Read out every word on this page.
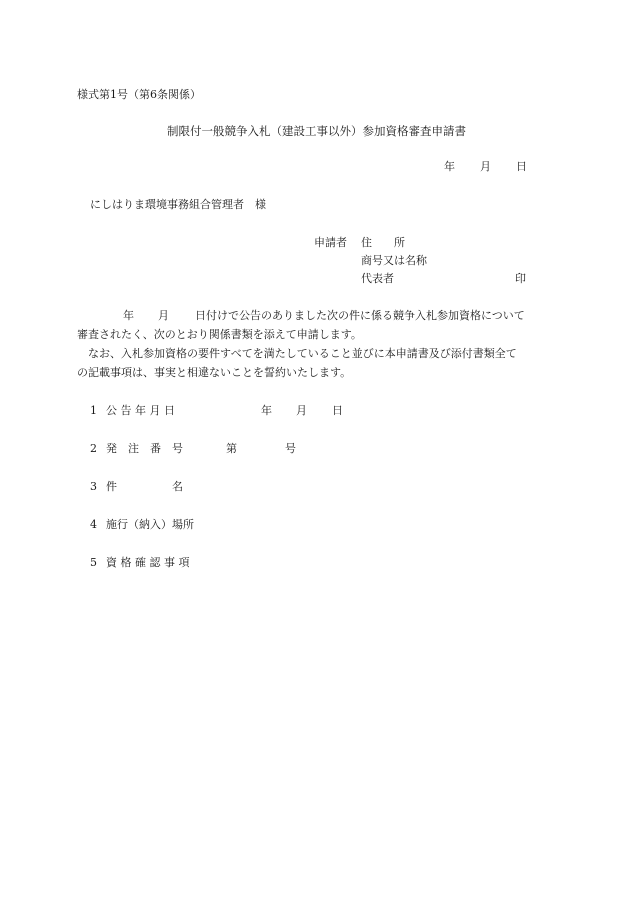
様式第1号（第6条関係）
制限付一般競争入札（建設工事以外）参加資格審査申請書
年 月 日
にしはりま環境事務組合管理者　様
申請者 住　　所
商号又は名称
代表者	印
年 月 日付けで公告のありました次の件に係る競争入札参加資格について
審査されたく、次のとおり関係書類を添えて申請します。
なお、入札参加資格の要件すべてを満たしていること並びに本申請書及び添付書類全て
の記載事項は、事実と相違ないことを誓約いたします。
1 公 告 年 月 日	年 月 日
2 発　注　番　号	第	号
3 件　　　　　名
4 施行（納入）場所
5 資 格 確 認 事 項
